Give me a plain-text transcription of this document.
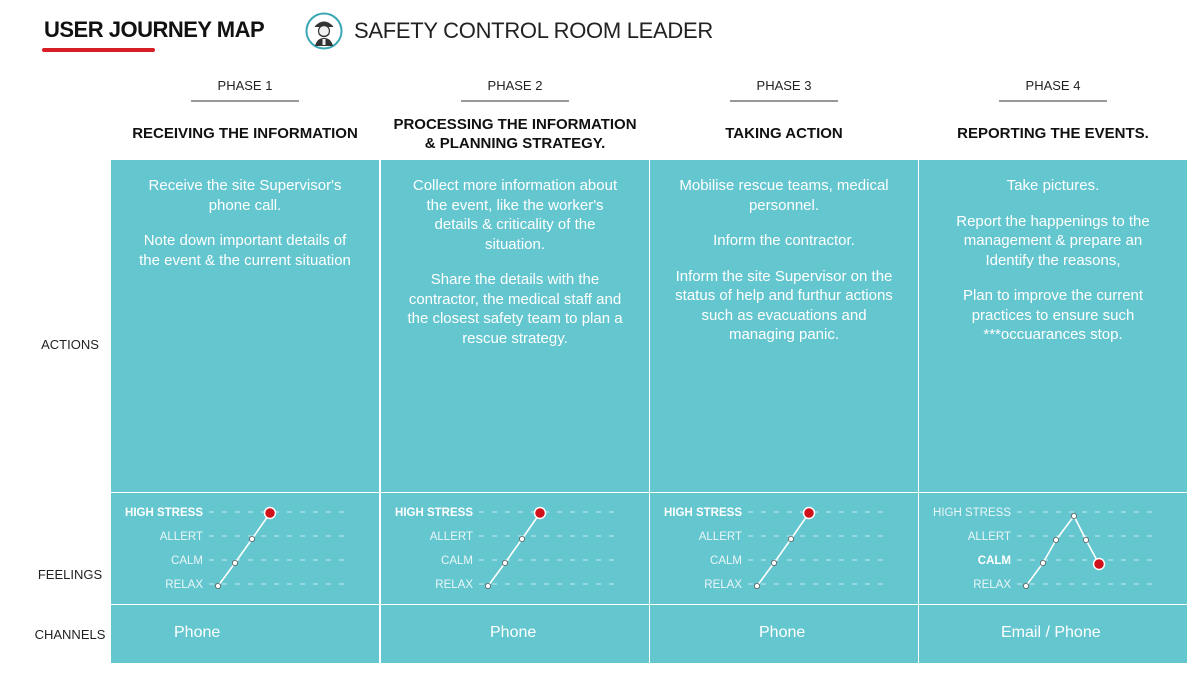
USER JOURNEY MAP	SAFETY CONTROL ROOM LEADER
PHASE 1
RECEIVING THE INFORMATION
PHASE 2
PROCESSING THE INFORMATION
& PLANNING STRATEGY.
PHASE 3
TAKING ACTION
PHASE 4
REPORTING THE EVENTS.
ACTIONS
FEELINGS
CHANNELS

Receive the site Supervisor's phone call.

Note down important details of the event & the current situation

Phone

Collect more information about the event, like the worker's details & criticality of the situation.

Share the details with the contractor, the medical staff and the closest safety team to plan a rescue strategy.

Phone

Mobilise rescue teams, medical personnel.

Inform the contractor.

Inform the site Supervisor on the status of help and furthur actions such as evacuations and managing panic.

Phone

Take pictures.

Report the happenings to the management & prepare an Identify the reasons,

Plan to improve the current practices to ensure such ***occuarances stop.

Email / Phone
HIGH STRESS
ALLERT
CALM
RELAX
HIGH STRESS
ALLERT
CALM
RELAX
HIGH STRESS
ALLERT
CALM
RELAX
HIGH STRESS
ALLERT
CALM
RELAX
